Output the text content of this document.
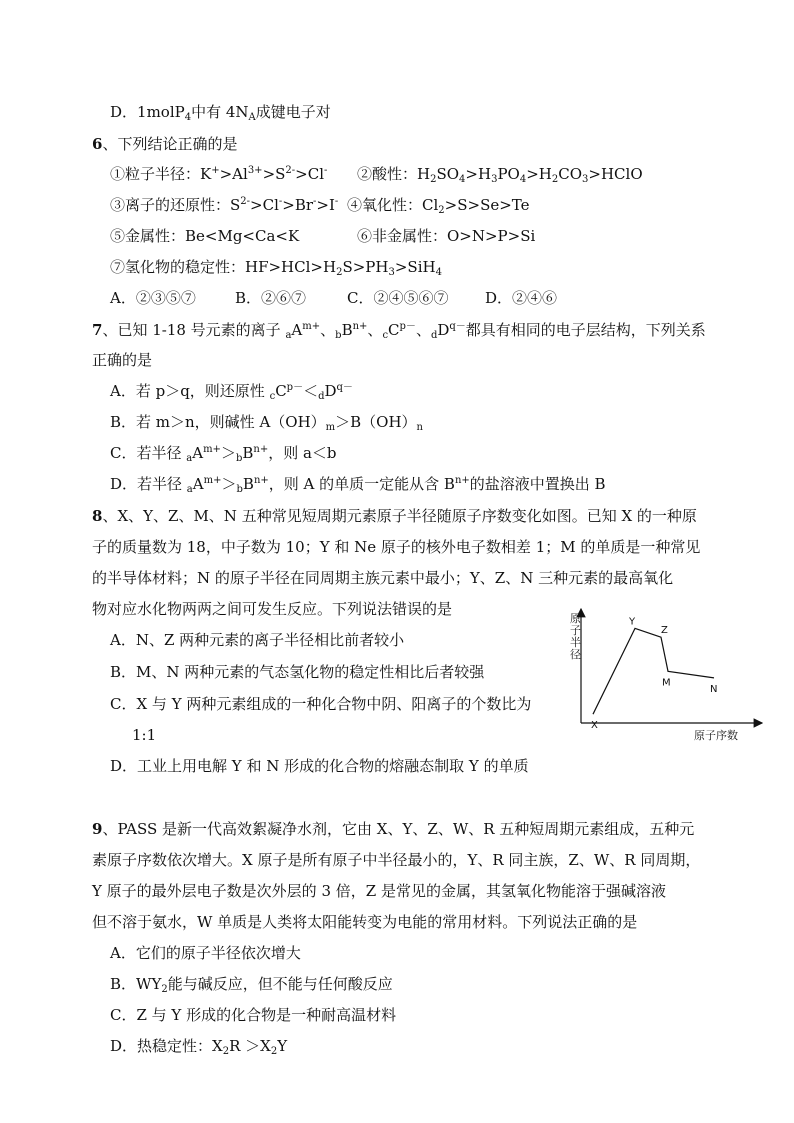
D．1molP$_4$中有 $4N_A$成键电子对
6、下列结论正确的是
①粒子半径：$K^+>Al^{3+}>S^{2-}>Cl^-$ ②酸性：$H_2SO_4>H_3PO_4>H_2CO_3>HClO$
③离子的还原性：$S^{2-}>Cl^->Br^->I^-$ ④氧化性：$Cl_2>S>Se>Te$
⑤金属性：Be<Mg<Ca<K	⑥非金属性：O>N>P>Si
⑦氢化物的稳定性：$HF>HCl>H_2S>PH_3>SiH_4$
A．②③⑤⑦	B．②⑥⑦	C．②④⑤⑥⑦ D．②④⑥
7、已知 1-18 号元素的离子 $_aA^{m+}$、$_bB^{n+}$、$_cC^{p-}$、$_dD^{q-}$都具有相同的电子层结构，下列关系
正确的是
A．若 p＞q，则还原性 $_cC^{p-}<_dD^{q-}$
B．若 m＞n，则碱性 $A(OH)_m>B(OH)_n$
C．若半径 $_aA^{m+}>_bB^{n+}$，则 a＜b
D．若半径 $_aA^{m+}>_bB^{n+}$，则 A 的单质一定能从含 $B^{n+}$的盐溶液中置换出 B
8、X、Y、Z、M、N 五种常见短周期元素原子半径随原子序数变化如图。已知 X 的一种原
子的质量数为 18，中子数为 10；Y 和 Ne 原子的核外电子数相差 1；M 的单质是一种常见
的半导体材料；N 的原子半径在同周期主族元素中最小；Y、Z、N 三种元素的最高氧化
物对应水化物两两之间可发生反应。下列说法错误的是
A．N、Z 两种元素的离子半径相比前者较小
B．M、N 两种元素的气态氢化物的稳定性相比后者较强
C．X 与 Y 两种元素组成的一种化合物中阴、阳离子的个数比为
1:1
D．工业上用电解 Y 和 N 形成的化合物的熔融态制取 Y 的单质
原
子
半
径
原子序数
X
Y
Z
M
N
9、PASS 是新一代高效絮凝净水剂，它由 X、Y、Z、W、R 五种短周期元素组成，五种元
素原子序数依次增大。X 原子是所有原子中半径最小的，Y、R 同主族，Z、W、R 同周期，
Y 原子的最外层电子数是次外层的 3 倍，Z 是常见的金属，其氢氧化物能溶于强碱溶液
但不溶于氨水，W 单质是人类将太阳能转变为电能的常用材料。下列说法正确的是
A．它们的原子半径依次增大
B．$WY_2$能与碱反应，但不能与任何酸反应
C．Z 与 Y 形成的化合物是一种耐高温材料
D．热稳定性：$X_2R >X_2Y$
